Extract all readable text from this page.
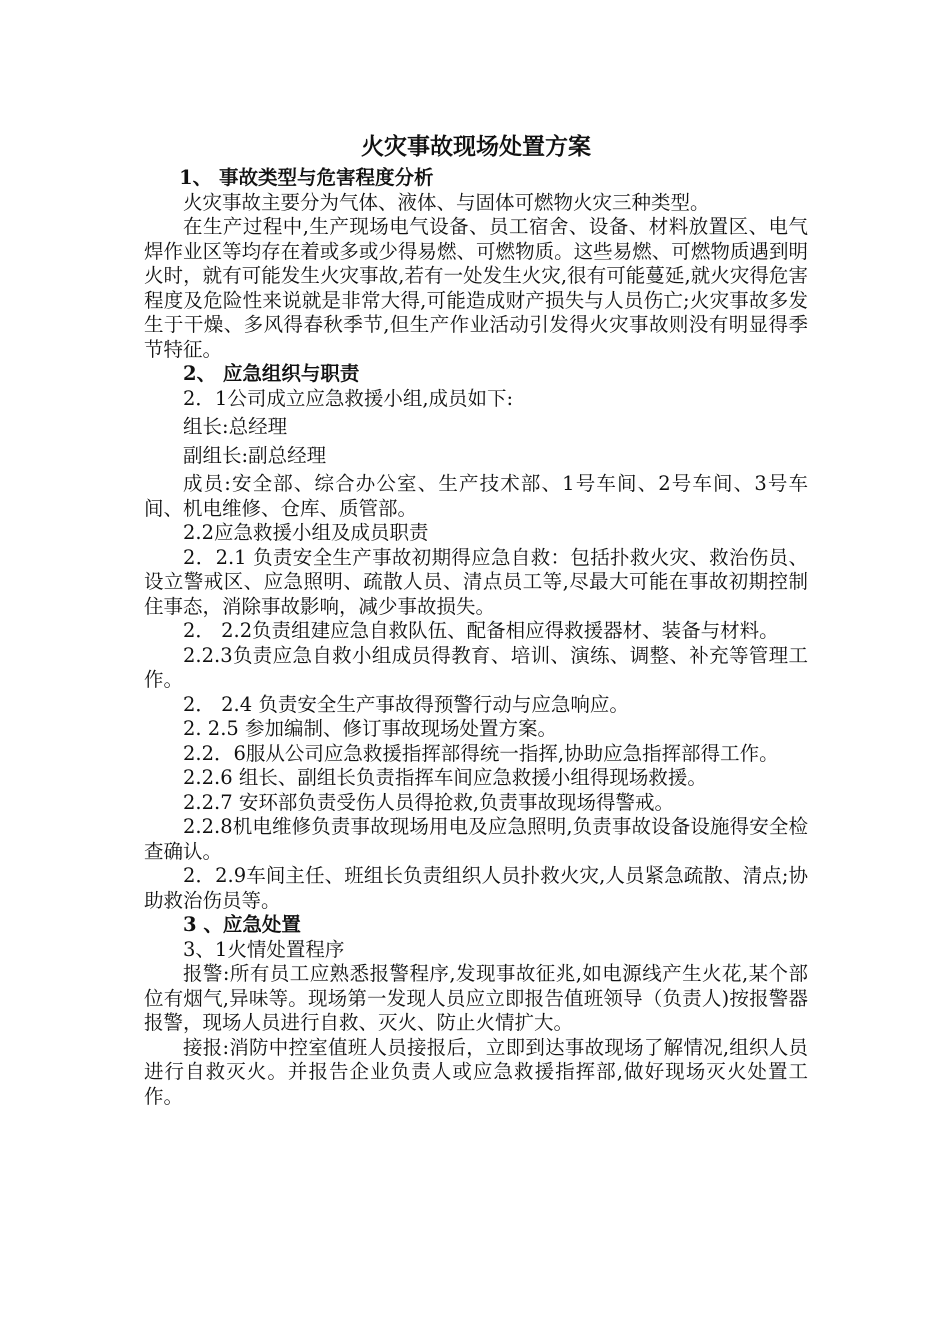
火灾事故现场处置方案

1、 事故类型与危害程度分析

火灾事故主要分为气体、液体、与固体可燃物火灾三种类型。

在生产过程中,生产现场电气设备、员工宿舍、设备、材料放置区、电气焊作业区等均存在着或多或少得易燃、可燃物质。这些易燃、可燃物质遇到明火时，就有可能发生火灾事故,若有一处发生火灾,很有可能蔓延,就火灾得危害程度及危险性来说就是非常大得,可能造成财产损失与人员伤亡;火灾事故多发生于干燥、多风得春秋季节,但生产作业活动引发得火灾事故则没有明显得季节特征。

2、 应急组织与职责

2．1公司成立应急救援小组,成员如下:

组长:总经理

副组长:副总经理

成员:安全部、综合办公室、生产技术部、1号车间、2号车间、3号车间、机电维修、仓库、质管部。

2.2应急救援小组及成员职责

2．2.1 负责安全生产事故初期得应急自救：包括扑救火灾、救治伤员、设立警戒区、应急照明、疏散人员、清点员工等,尽最大可能在事故初期控制住事态，消除事故影响，减少事故损失。

2． 2.2负责组建应急自救队伍、配备相应得救援器材、装备与材料。

2.2.3负责应急自救小组成员得教育、培训、演练、调整、补充等管理工作。

2． 2.4 负责安全生产事故得预警行动与应急响应。

2. 2.5 参加编制、修订事故现场处置方案。

2.2．6服从公司应急救援指挥部得统一指挥,协助应急指挥部得工作。

2.2.6 组长、副组长负责指挥车间应急救援小组得现场救援。

2.2.7 安环部负责受伤人员得抢救,负责事故现场得警戒。

2.2.8机电维修负责事故现场用电及应急照明,负责事故设备设施得安全检查确认。

2．2.9车间主任、班组长负责组织人员扑救火灾,人员紧急疏散、清点;协助救治伤员等。

3 、应急处置

3、1火情处置程序

报警:所有员工应熟悉报警程序,发现事故征兆,如电源线产生火花,某个部位有烟气,异味等。现场第一发现人员应立即报告值班领导（负责人)按报警器报警，现场人员进行自救、灭火、防止火情扩大。

接报:消防中控室值班人员接报后，立即到达事故现场了解情况,组织人员进行自救灭火。并报告企业负责人或应急救援指挥部,做好现场灭火处置工作。
